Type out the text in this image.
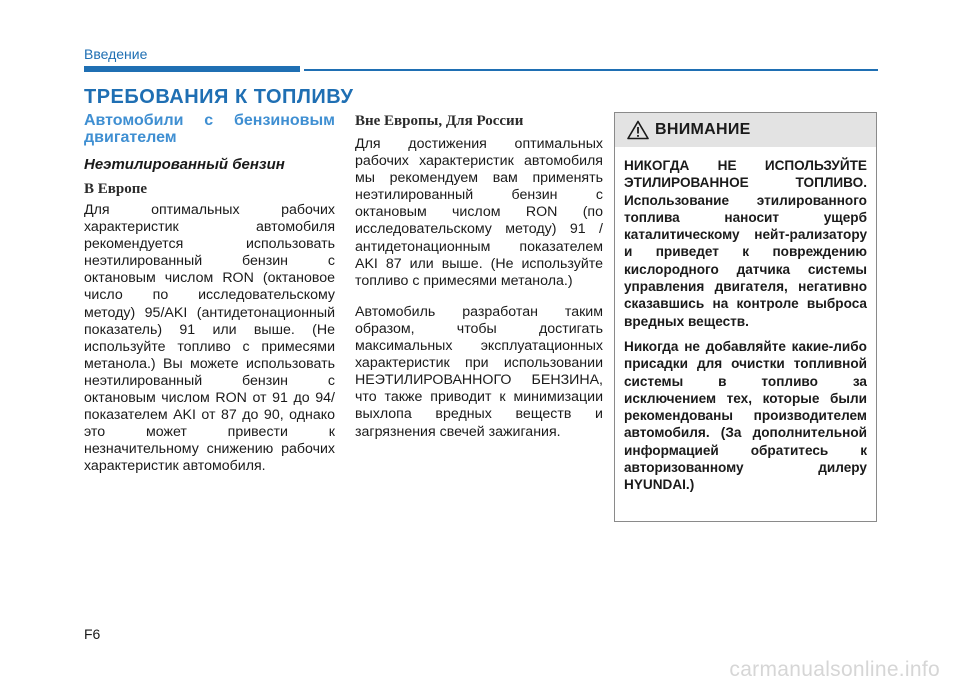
Введение
ТРЕБОВАНИЯ К ТОПЛИВУ
Автомобили с бензиновым двигателем
Неэтилированный бензин
В Европе

Для оптимальных рабочих характеристик автомобиля рекомендуется использовать неэтилированный бензин с октановым числом RON (октановое число по исследовательскому методу) 95/AKI (антидетонационный показатель) 91 или выше. (Не используйте топливо с примесями метанола.) Вы можете использовать неэтилированный бензин с октановым числом RON от 91 до 94/показателем AKI от 87 до 90, однако это может привести к незначительному снижению рабочих характеристик автомобиля.

Вне Европы, Для России

Для достижения оптимальных рабочих характеристик автомобиля мы рекомендуем вам применять неэтилированный бензин с октановым числом RON (по исследовательскому методу) 91 / антидетонационным показателем AKI 87 или выше. (Не используйте топливо с примесями метанола.)

Автомобиль разработан таким образом, чтобы достигать максимальных эксплуатационных характеристик при использовании НЕЭТИЛИРОВАННОГО БЕНЗИНА, что также приводит к минимизации выхлопа вредных веществ и загрязнения свечей зажигания.

ВНИМАНИЕ

НИКОГДА НЕ ИСПОЛЬЗУЙТЕ ЭТИЛИРОВАННОЕ ТОПЛИВО. Использование этилированного топлива наносит ущерб каталитическому нейт-рализатору и приведет к повреждению кислородного датчика системы управления двигателя, негативно сказавшись на контроле выброса вредных веществ.

Никогда не добавляйте какие-либо присадки для очистки топливной системы в топливо за исключением тех, которые были рекомендованы производителем автомобиля. (За дополнительной информацией обратитесь к авторизованному дилеру HYUNDAI.)

F6
carmanualsonline.info
